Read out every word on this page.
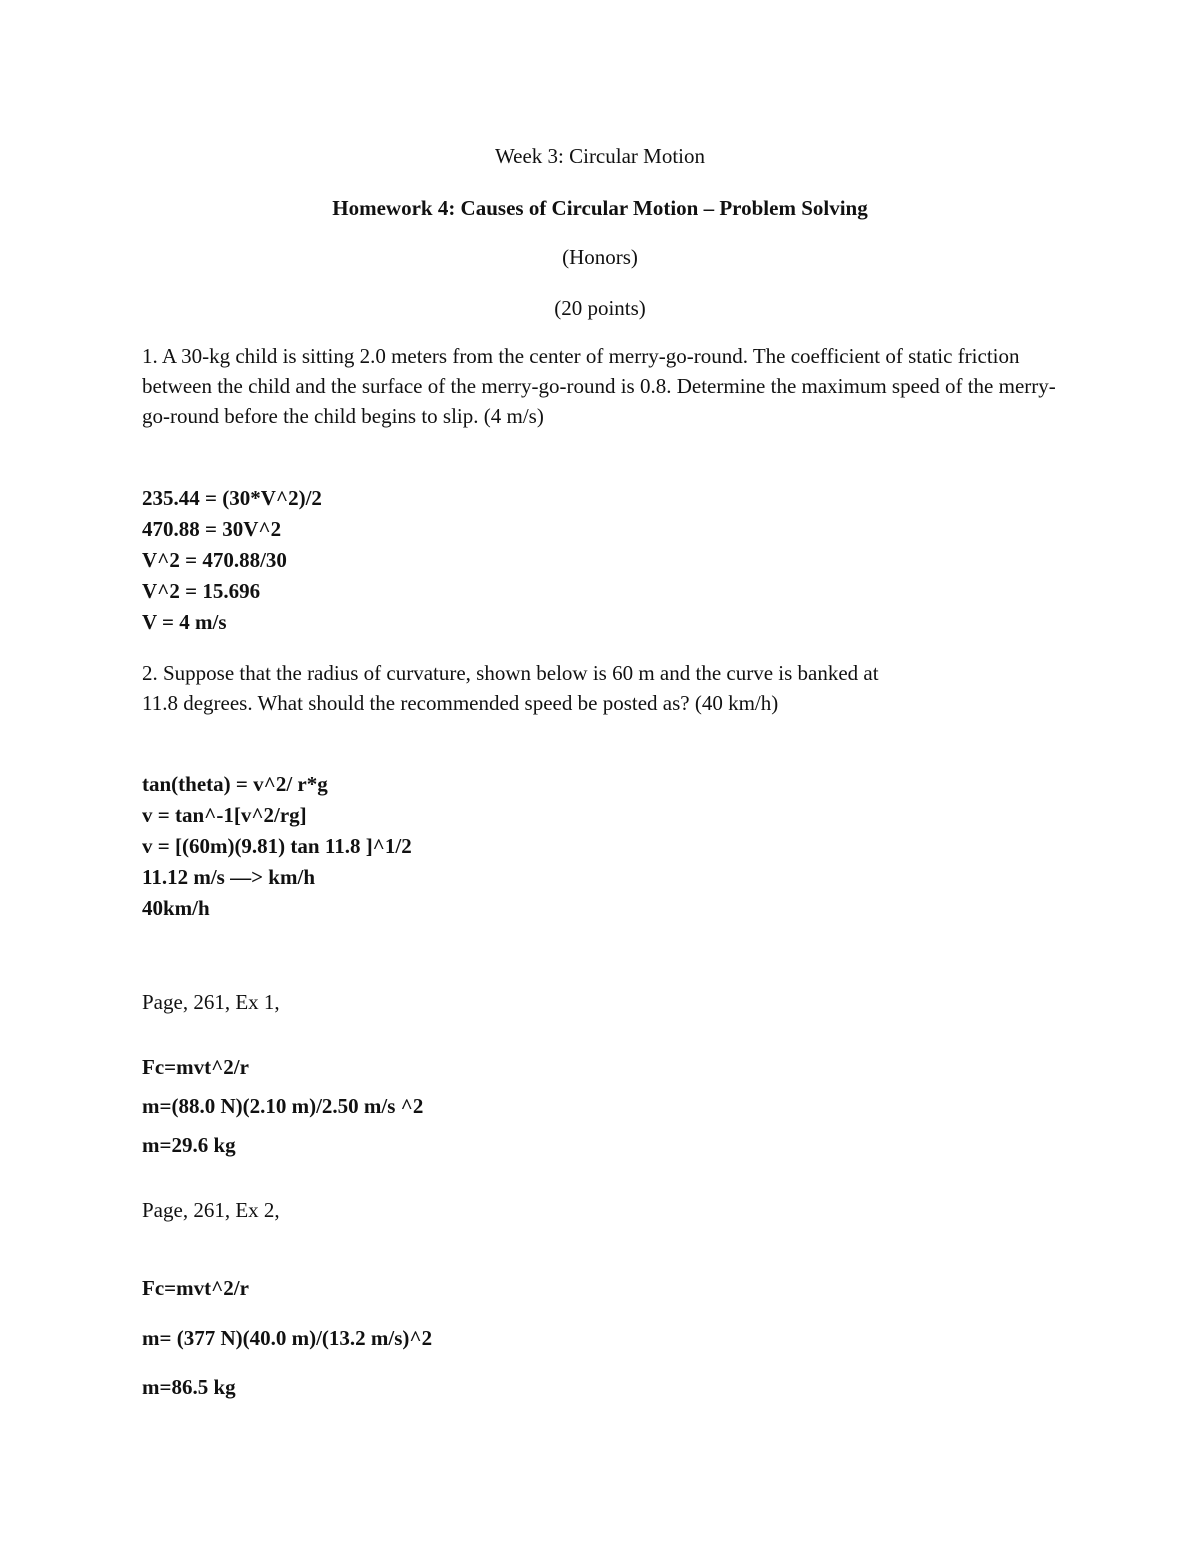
Week 3: Circular Motion
Homework 4: Causes of Circular Motion – Problem Solving
(Honors)
(20 points)
1. A 30-kg child is sitting 2.0 meters from the center of merry-go-round. The coefficient of static friction between the child and the surface of the merry-go-round is 0.8. Determine the maximum speed of the merry-go-round before the child begins to slip. (4 m/s)
235.44 = (30*V^2)/2
470.88 = 30V^2
V^2 = 470.88/30
V^2 = 15.696
V = 4 m/s
2. Suppose that the radius of curvature, shown below is 60 m and the curve is banked at
11.8 degrees. What should the recommended speed be posted as? (40 km/h)
tan(theta) = v^2/ r*g
v = tan^-1[v^2/rg]
v = [(60m)(9.81) tan 11.8 ]^1/2
11.12 m/s ––> km/h
40km/h
Page, 261, Ex 1,
Fc=mvt^2/r
m=(88.0 N)(2.10 m)/2.50 m/s ^2
m=29.6 kg
Page, 261, Ex 2,
Fc=mvt^2/r
m= (377 N)(40.0 m)/(13.2 m/s)^2
m=86.5 kg
